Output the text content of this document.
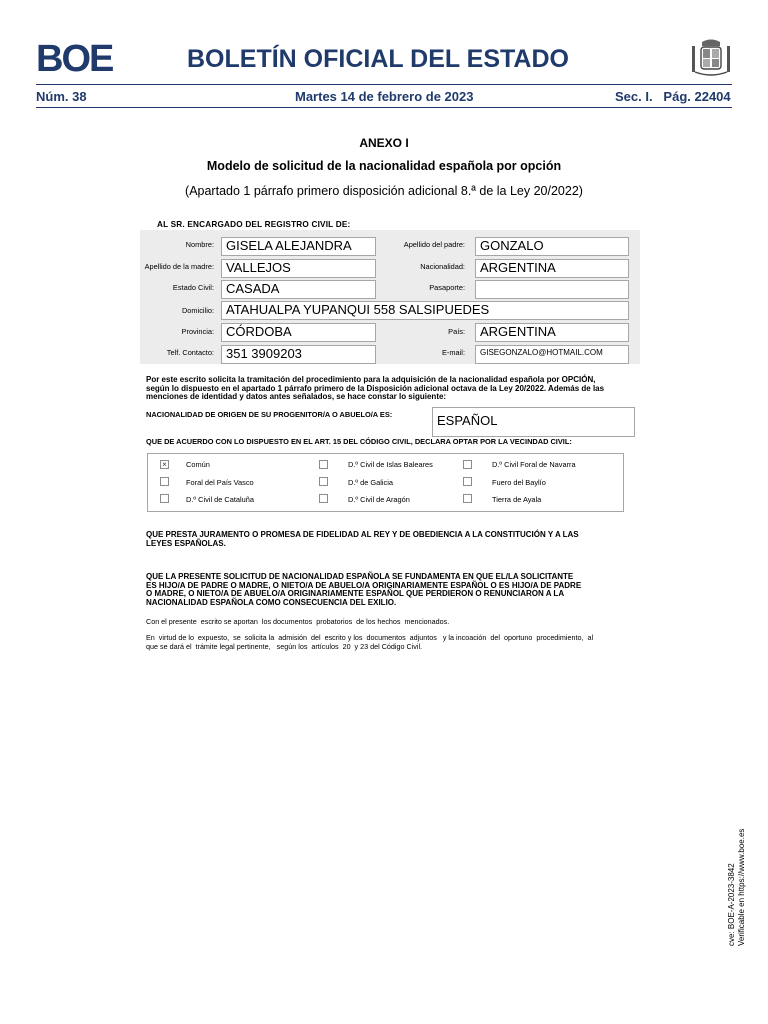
BOE	BOLETÍN OFICIAL DEL ESTADO
Núm. 38	Martes 14 de febrero de 2023	Sec. I.   Pág. 22404
ANEXO I
Modelo de solicitud de la nacionalidad española por opción
(Apartado 1 párrafo primero disposición adicional 8.ª de la Ley 20/2022)
AL SR. ENCARGADO DEL REGISTRO CIVIL DE:
Nombre: GISELA ALEJANDRA	Apellido del padre:	GONZALO
Apellido de la madre: VALLEJOS	Nacionalidad:	ARGENTINA
Estado Civil: CASADA	Pasaporte:
Domicilio: ATAHUALPA YUPANQUI 558 SALSIPUEDES
Provincia: CÓRDOBA	País:	ARGENTINA
Telf. Contacto: 351 3909203	E-mail:	GISEGONZALO@HOTMAIL.COM
Por este escrito solicita la tramitación del procedimiento para la adquisición de la nacionalidad española por OPCIÓN,
según lo dispuesto en el apartado 1 párrafo primero de la Disposición adicional octava de la Ley 20/2022. Además de las
menciones de identidad y datos antes señalados, se hace constar lo siguiente:
NACIONALIDAD DE ORIGEN DE SU PROGENITOR/A O ABUELO/A ES:	ESPAÑOL
QUE DE ACUERDO CON LO DISPUESTO EN EL ART. 15 DEL CÓDIGO CIVIL, DECLARA OPTAR POR LA VECINDAD CIVIL:
×	Común	D.º Civil de Islas Baleares	D.º Civil Foral de Navarra
Foral del País Vasco	D.º de Galicia	Fuero del Baylío
D.º Civil de Cataluña	D.º Civil de Aragón	Tierra de Ayala
QUE PRESTA JURAMENTO O PROMESA DE FIDELIDAD AL REY Y DE OBEDIENCIA A LA CONSTITUCIÓN Y A LAS
LEYES ESPAÑOLAS.
QUE LA PRESENTE SOLICITUD DE NACIONALIDAD ESPAÑOLA SE FUNDAMENTA EN QUE EL/LA SOLICITANTE
ES HIJO/A DE PADRE O MADRE, O NIETO/A DE ABUELO/A ORIGINARIAMENTE ESPAÑOL O ES HIJO/A DE PADRE
O MADRE, O NIETO/A DE ABUELO/A ORIGINARIAMENTE ESPAÑOL QUE PERDIERON O RENUNCIARON A LA
NACIONALIDAD ESPAÑOLA COMO CONSECUENCIA DEL EXILIO.
Con el presente  escrito se aportan  los documentos  probatorios  de los hechos  mencionados.
En  virtud de lo  expuesto,  se  solicita la  admisión  del  escrito y los  documentos  adjuntos   y la incoación  del  oportuno  procedimiento,  al
que se dará el  trámite legal pertinente,   según los  artículos  20  y 23 del Código Civil.
cve: BOE-A-2023-3842 Verificable en https://www.boe.es
